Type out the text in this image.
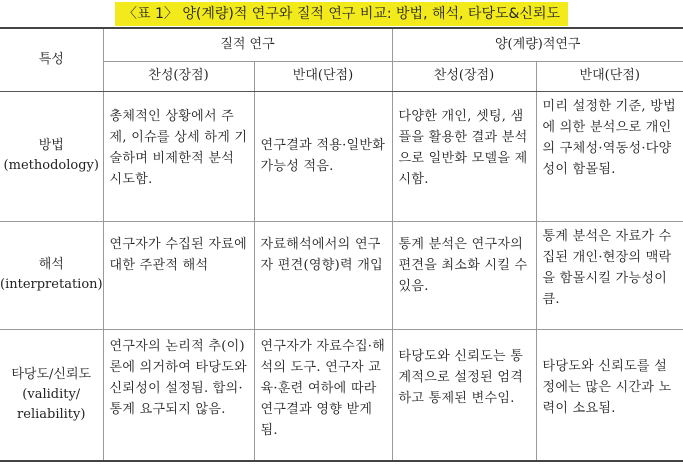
〈표 1〉 양(계량)적 연구와 질적 연구 비교: 방법, 해석, 타당도&신뢰도
특성	질적 연구		양(계량)적연구	
	찬성(장점)	반대(단점)	찬성(장점)	반대(단점)

방법
(methodology)	총체적인 상황에서 주제, 이슈를 상세 하게 기술하며 비제한적 분석 시도함.	연구결과 적용·일반화 가능성 적음.	다양한 개인, 셋팅, 샘플을 활용한 결과 분석으로 일반화 모델을 제시함.	미리 설정한 기준, 방법에 의한 분석으로 개인의 구체성·역동성·다양성이 함몰됨.

해석
(interpretation)	연구자가 수집된 자료에 대한 주관적 해석	자료해석에서의 연구자 편견(영향)력 개입	통계 분석은 연구자의 편견을 최소화 시킬 수 있음.	통계 분석은 자료가 수집된 개인·현장의 맥락을 함몰시킬 가능성이 큼.

타당도/신뢰도
(validity/
reliability)	연구자의 논리적 추(이)론에 의거하여 타당도와 신뢰성이 설정됨. 합의·통계 요구되지 않음.	연구자가 자료수집·해석의 도구. 연구자 교육·훈련 여하에 따라 연구결과 영향 받게 됨.	타당도와 신뢰도는 통계적으로 설정된 엄격하고 통제된 변수임.	타당도와 신뢰도를 설정에는 많은 시간과 노력이 소요됨.
